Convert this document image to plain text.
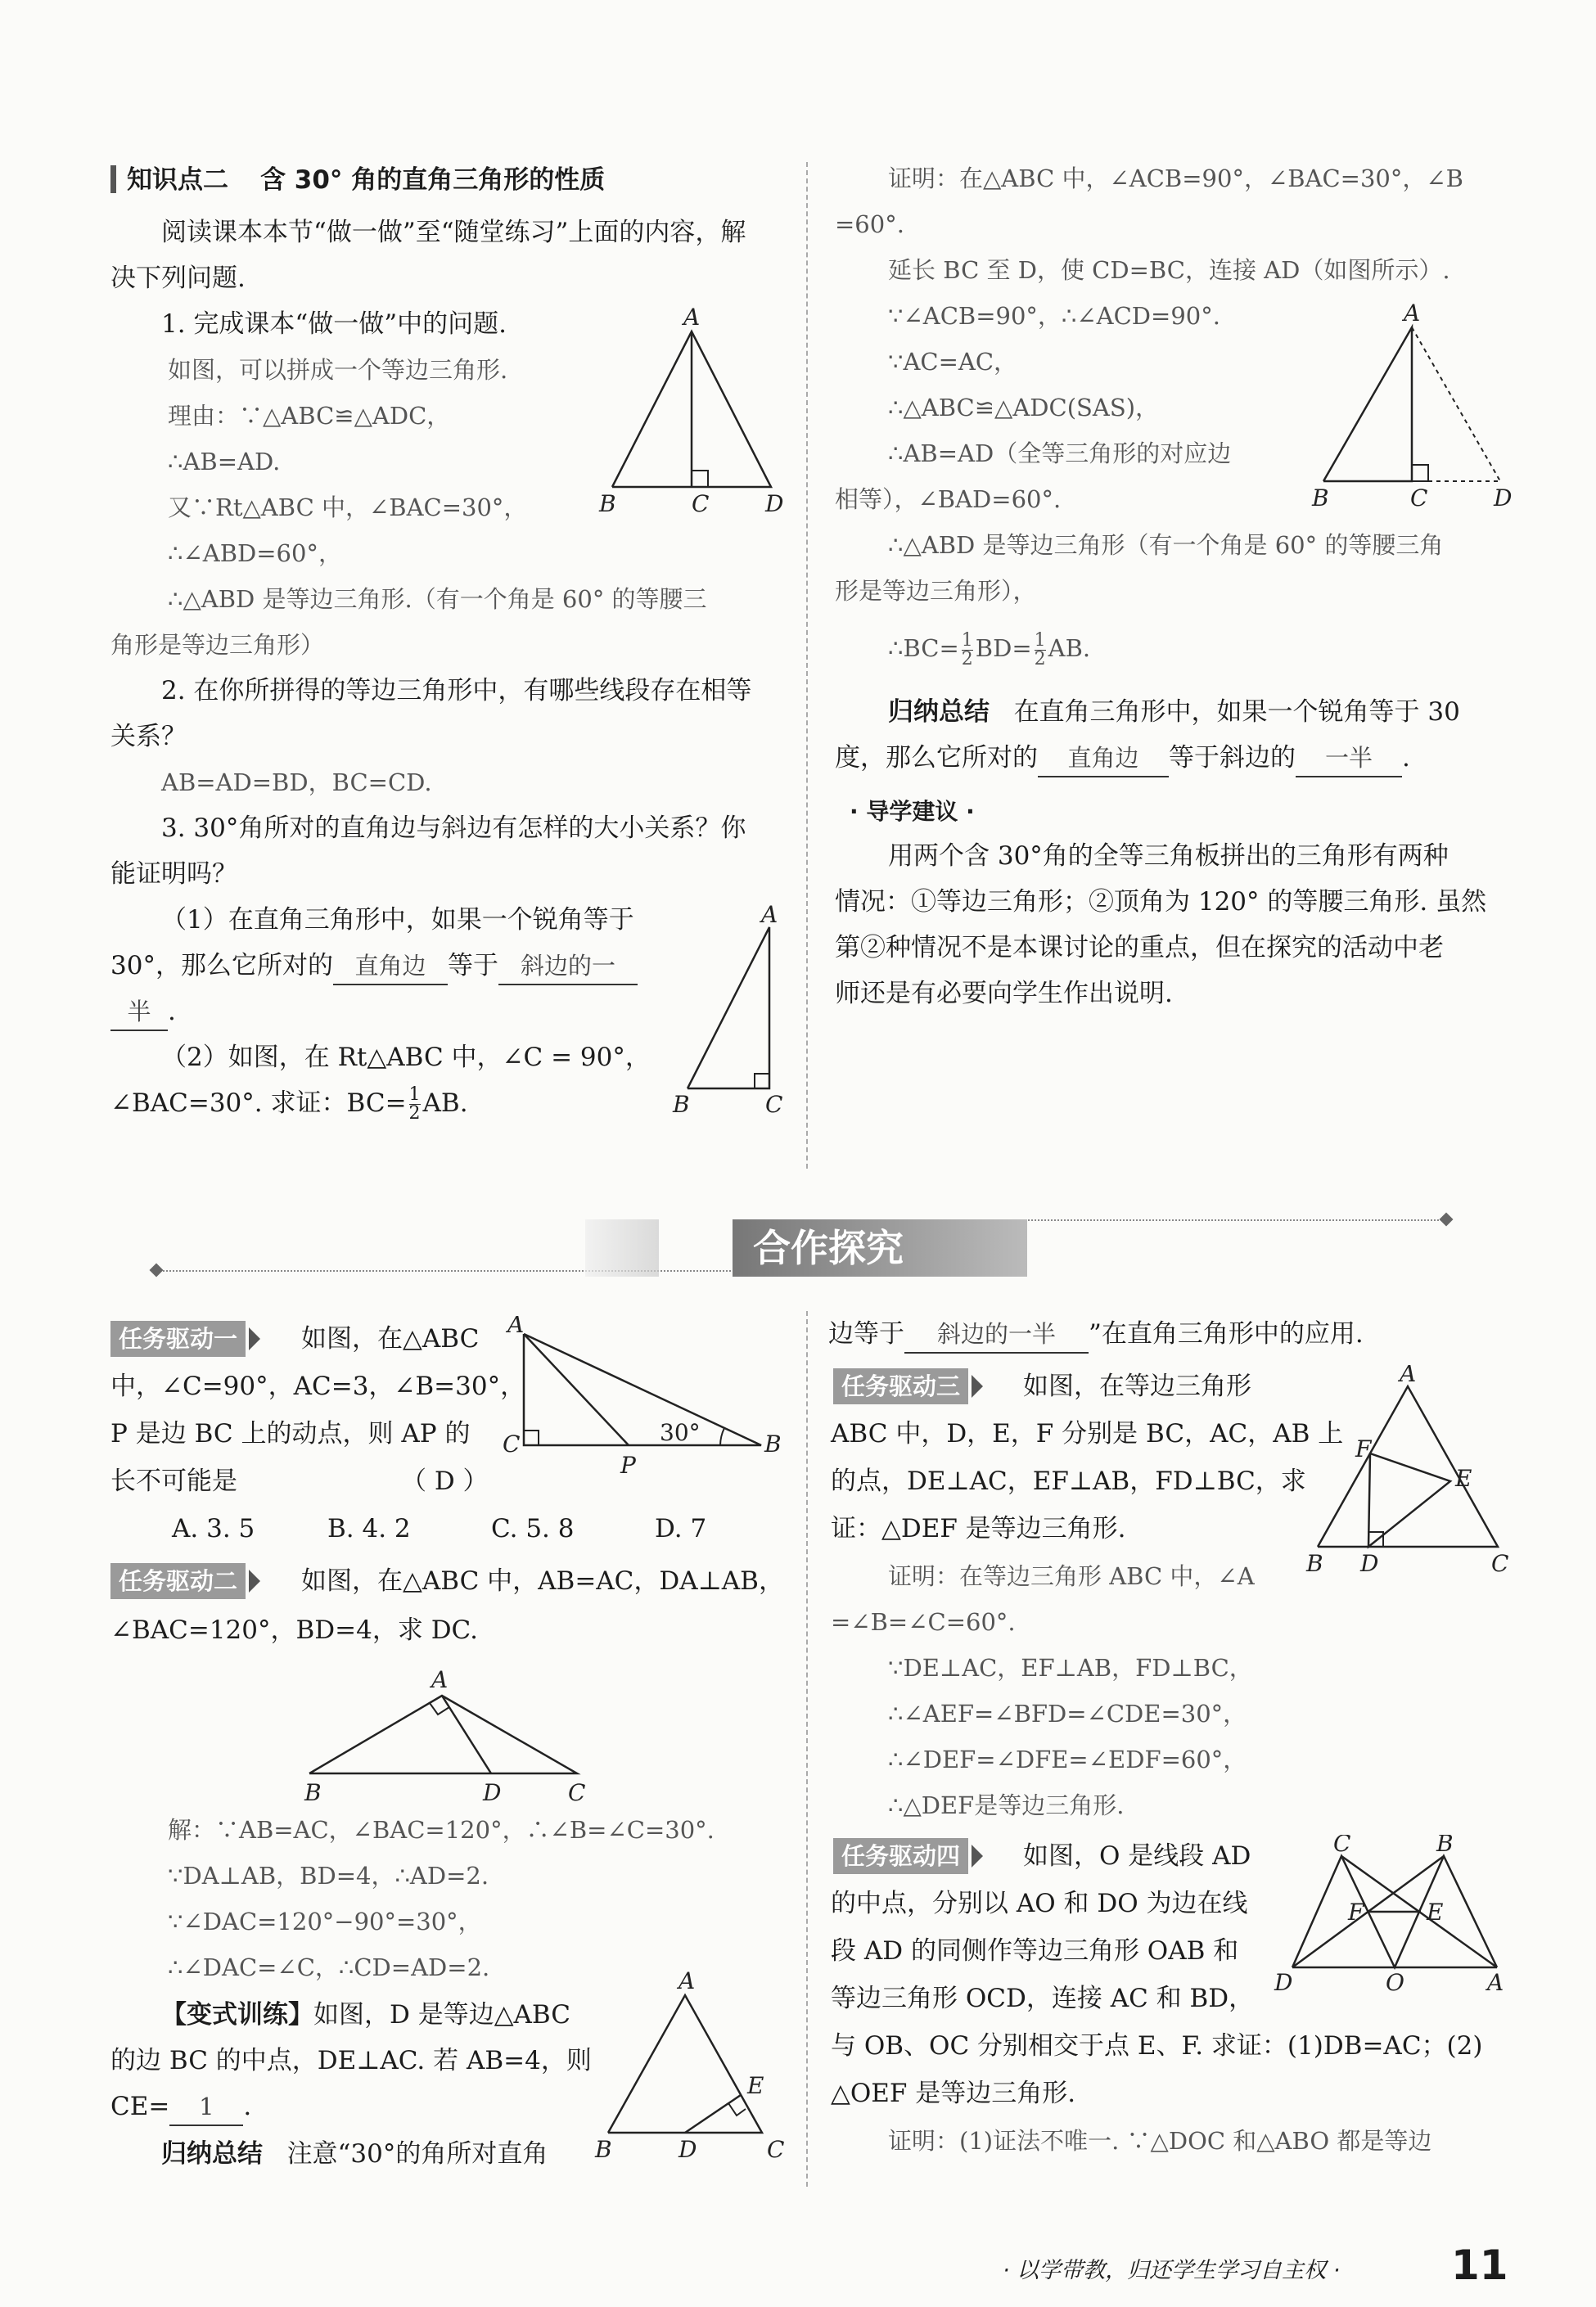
知识点二 含 30° 角的直角三角形的性质
阅读课本本节“做一做”至“随堂练习”上面的内容，解
决下列问题.
1. 完成课本“做一做”中的问题.
如图，可以拼成一个等边三角形.
理由：∵△ABC≌△ADC，
∴AB=AD.
又∵Rt△ABC 中，∠BAC=30°，
∴∠ABD=60°，
∴△ABD 是等边三角形.（有一个角是 60° 的等腰三
角形是等边三角形）
A
B	C D
2. 在你所拼得的等边三角形中，有哪些线段存在相等
关系？
AB=AD=BD，BC=CD.
3. 30°角所对的直角边与斜边有怎样的大小关系？你
能证明吗？
（1）在直角三角形中，如果一个锐角等于
30°，那么它所对的 直角边 等于 斜边的一
半 .
（2）如图，在 Rt△ABC 中，∠C = 90°，
∠BAC=30°. 求证：$BC= \frac{1}{2}$ AB.
A
B	C
证明：在△ABC 中，∠ACB=90°，∠BAC=30°，∠B
=60°.
延长 BC 至 D，使 CD=BC，连接 AD（如图所示）.
∵∠ACB=90°，∴∠ACD=90°.
∵AC=AC，
∴△ABC≌△ADC(SAS)，
∴AB=AD（全等三角形的对应边
相等），∠BAD=60°.
∴△ABD 是等边三角形（有一个角是 60° 的等腰三角
形是等边三角形），
∴BC= $\frac{1}{2} BD= \frac{1}{2}$ AB.
A
B	C	D
归纳总结 在直角三角形中，如果一个锐角等于 30
度，那么它所对的 直角边 等于斜边的 一半 .
· 导学建议 ·
用两个含 30°角的全等三角板拼出的三角形有两种
情况：①等边三角形；②顶角为 120° 的等腰三角形. 虽然
第②种情况不是本课讨论的重点，但在探究的活动中老
师还是有必要向学生作出说明.
合作探究
任务驱动一	如图，在△ABC
中，∠C=90°，AC=3，∠B=30°，
P 是边 BC 上的动点，则 AP 的
长不可能是	（ D ）
A. 3. 5	B. 4. 2	C. 5. 8	D. 7
A
C
P
B
30°
任务驱动二	如图，在△ABC 中，AB=AC，DA⊥AB，
∠BAC=120°，BD=4，求 DC.
A
B	D	C
解：∵AB=AC，∠BAC=120°，∴∠B=∠C=30°.
∵DA⊥AB，BD=4，∴AD=2.
∵∠DAC=120°−90°=30°，
∴∠DAC=∠C，∴CD=AD=2.
【变式训练】如图，D 是等边△ABC
的边 BC 的中点，DE⊥AC. 若 AB=4，则
CE= 1 .
归纳总结 注意“30°的角所对直角
A
E
B	D	C
边等于 斜边的一半 ”在直角三角形中的应用.
任务驱动三	如图，在等边三角形
ABC 中，D，E，F 分别是 BC，AC，AB 上
的点，DE⊥AC，EF⊥AB，FD⊥BC，求
证：△DEF 是等边三角形.
A
F
E
B D	C
证明：在等边三角形 ABC 中，∠A
=∠B=∠C=60°.
∵DE⊥AC，EF⊥AB，FD⊥BC，
∴∠AEF=∠BFD=∠CDE=30°，
∴∠DEF=∠DFE=∠EDF=60°，
∴△DEF是等边三角形.
任务驱动四	如图，O 是线段 AD
的中点，分别以 AO 和 DO 为边在线
段 AD 的同侧作等边三角形 OAB 和
等边三角形 OCD，连接 AC 和 BD，
与 OB、OC 分别相交于点 E、F. 求证：(1)DB=AC；(2)
△OEF 是等边三角形.
证明：(1)证法不唯一. ∵△DOC 和△ABO 都是等边
C	B
F	E
D	O	A
· 以学带教，归还学生学习自主权 ·	11
